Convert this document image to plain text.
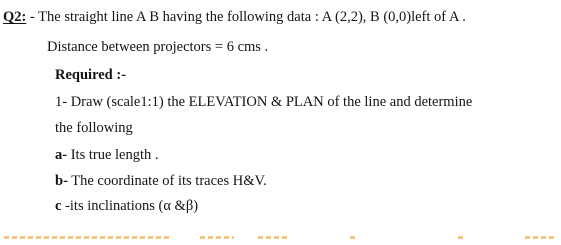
Q2: - The straight line A B having the following data : A (2,2), B (0,0)left of A .
Distance between projectors = 6 cms .
Required :-
1- Draw (scale1:1) the ELEVATION & PLAN of the line and determine
the following
a- Its true length .
b- The coordinate of its traces H&V.
c -its inclinations (α &β)
